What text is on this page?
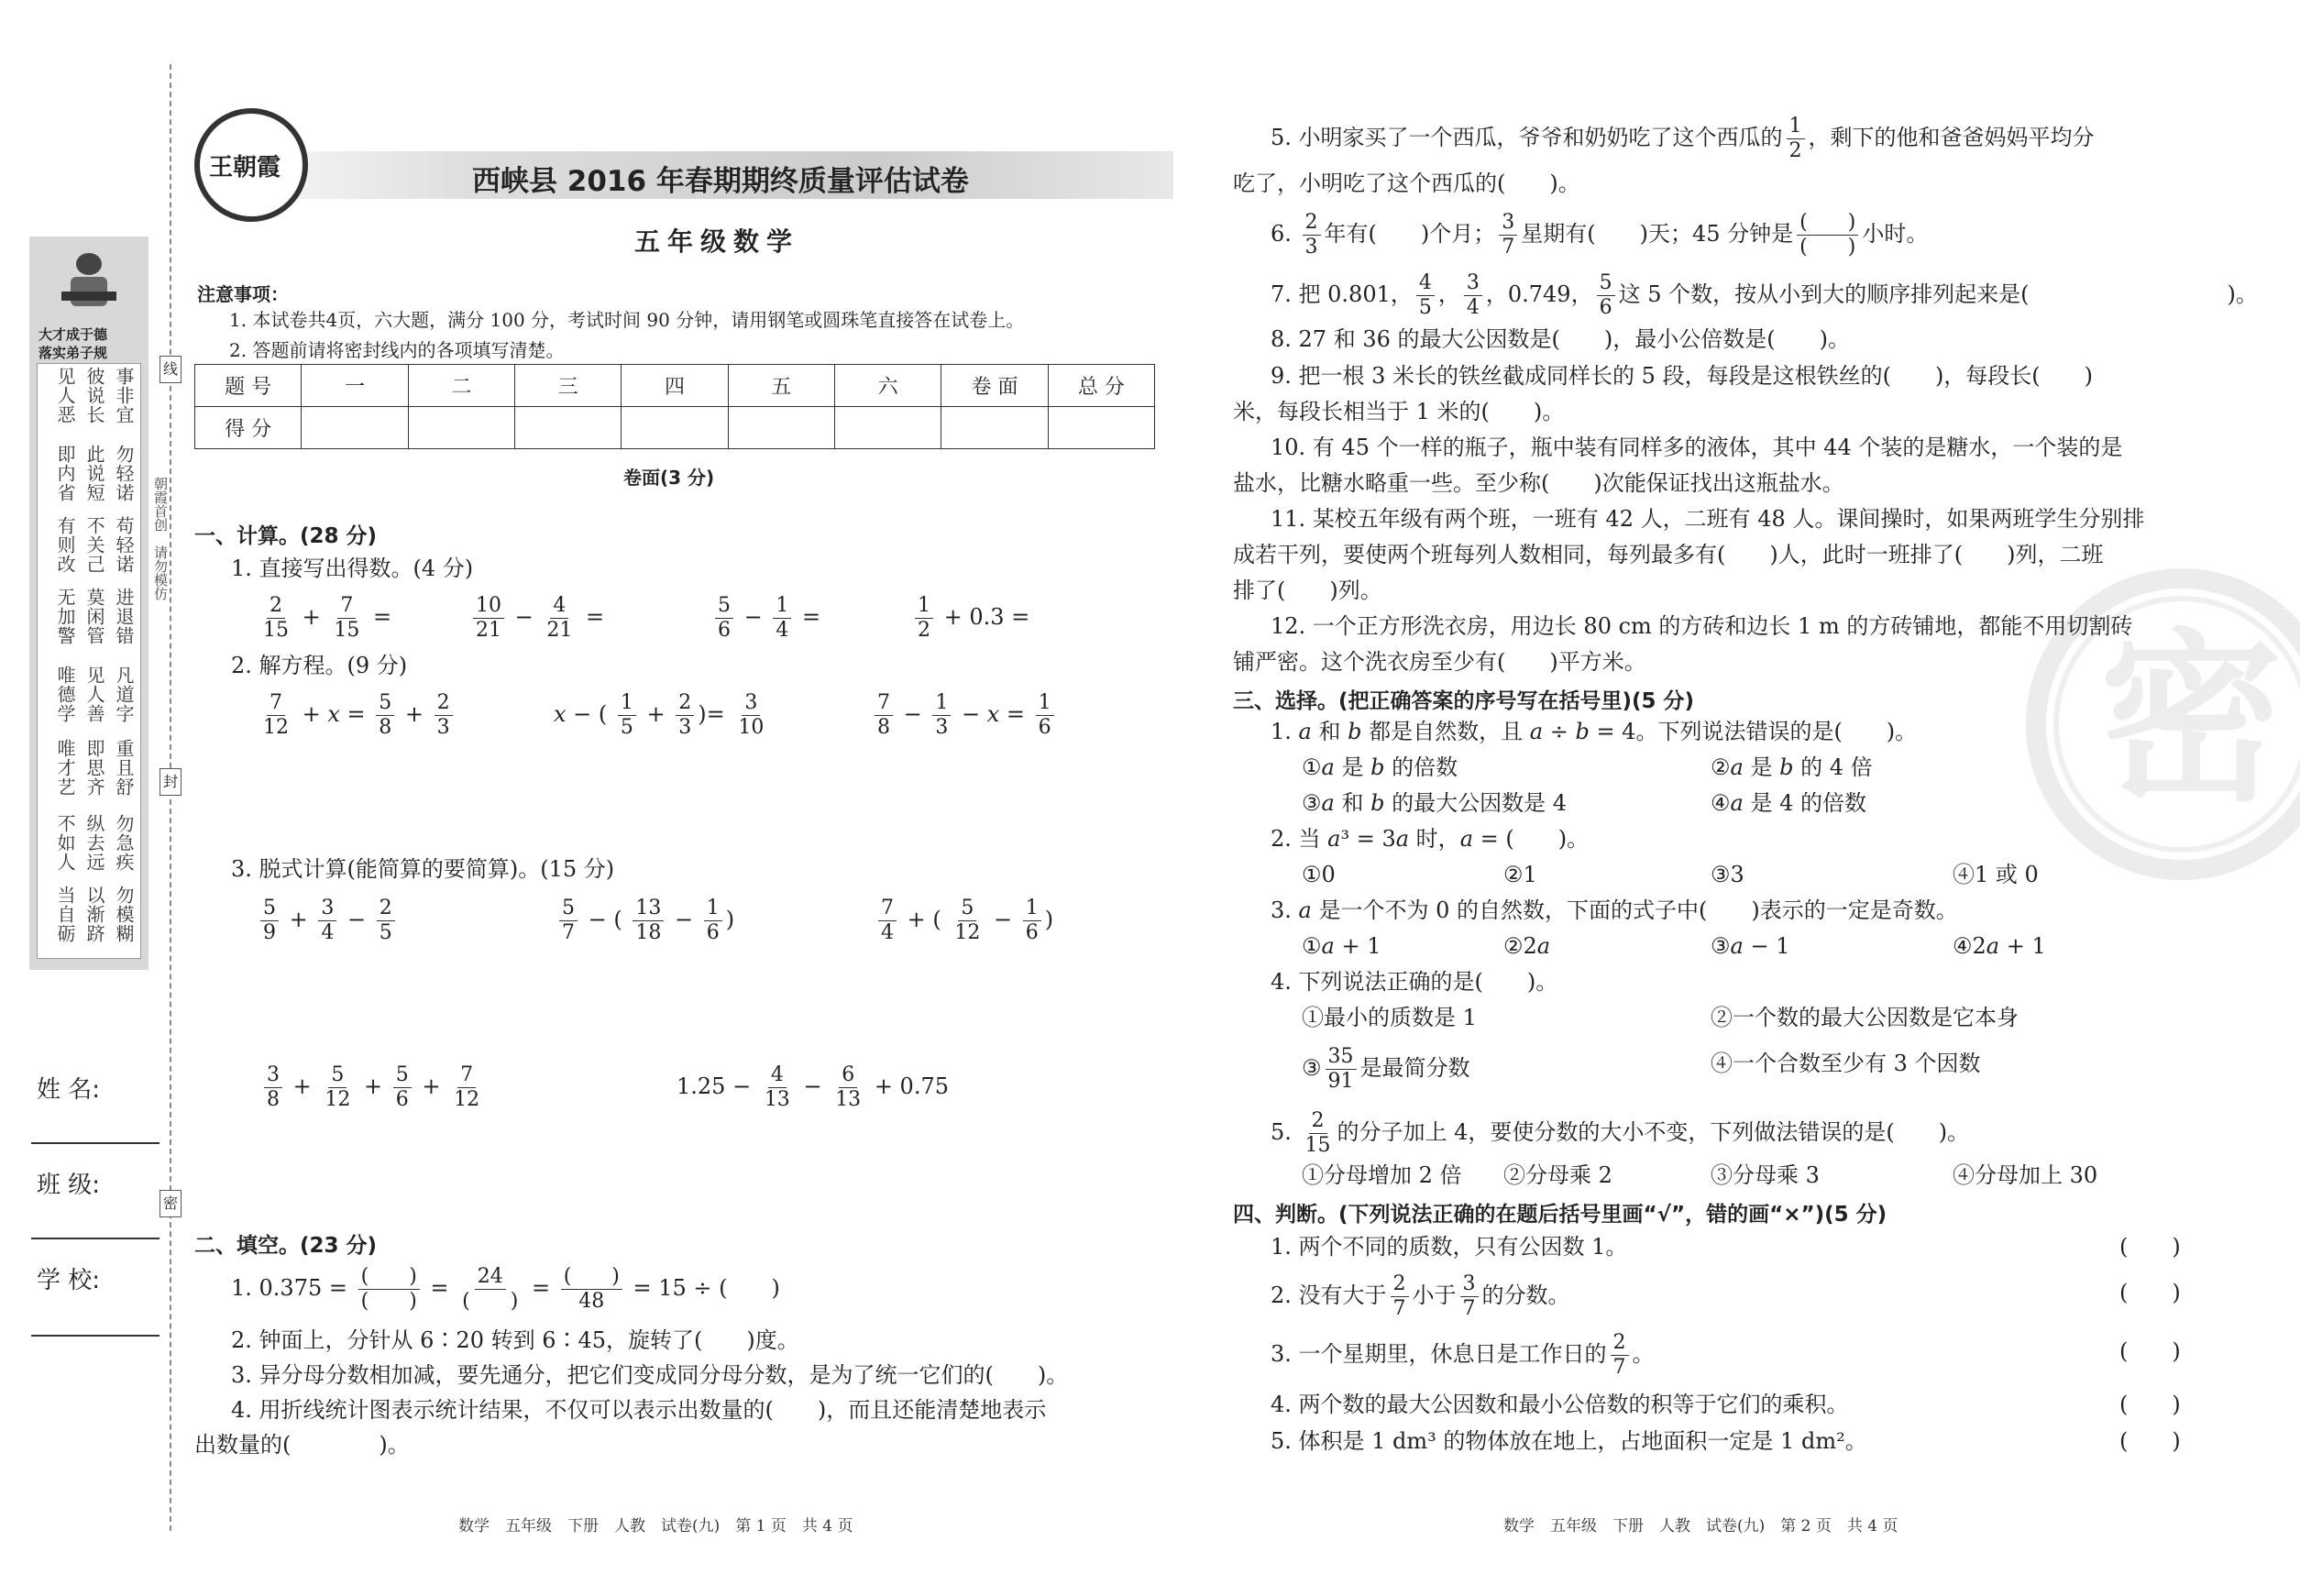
线
封
密
朝霞首创　请勿模仿
大才成于德
落实弟子规
见人恶 彼说长 事非宜
即内省 此说短 勿轻诺
有则改 不关己 苟轻诺
无加警 莫闲管 进退错
唯德学 见人善 凡道字
唯才艺 即思齐 重且舒
不如人 纵去远 勿急疾
当自砺 以渐跻 勿模糊
姓 名:
班 级:
学 校:
王朝霞	西峡县 2016 年春期期终质量评估试卷
五年级数学
注意事项：
1. 本试卷共4页，六大题，满分 100 分，考试时间 90 分钟，请用钢笔或圆珠笔直接答在试卷上。
2. 答题前请将密封线内的各项填写清楚。
题 号	一	二	三	四	五	六	卷 面	总 分
得 分								
卷面(3 分)
一、计算。(28 分)
1. 直接写出得数。(4 分)
$\frac{2}{15} + \frac{7}{15}$ =	$\frac{10}{21} - \frac{4}{21}$ =	$\frac{5}{6} - \frac{1}{4}$ =	$\frac{1}{2} + 0.3$ =
2. 解方程。(9 分)
$\frac{7}{12} + x = \frac{5}{8} + \frac{2}{3}$	x − ( $\frac{1}{5} + \frac{2}{3}$ )= $\frac{3}{10}$	$\frac{7}{8} - \frac{1}{3} - x = \frac{1}{6}$
3. 脱式计算(能简算的要简算)。(15 分)
$\frac{5}{9} + \frac{3}{4} - \frac{2}{5}$	$\frac{5}{7}$ − ( $\frac{13}{18} - \frac{1}{6}$ )	$\frac{7}{4}$ + ( $\frac{5}{12} - \frac{1}{6}$ )
$\frac{3}{8} + \frac{5}{12} + \frac{5}{6} + \frac{7}{12}$	$1.25 - \frac{4}{13} - \frac{6}{13} + 0.75$
二、填空。(23 分)
1. 0.375 = (　　)
(　　)
= 24
(　　)
= (　　)
48
= 15 ÷ (　　)
2. 钟面上，分针从 6∶20 转到 6∶45，旋转了(　　)度。
3. 异分母分数相加减，要先通分，把它们变成同分母分数，是为了统一它们的(　　)。
4. 用折线统计图表示统计结果，不仅可以表示出数量的(　　)，而且还能清楚地表示
出数量的(　　　　)。
数学　五年级　下册　人教　试卷(九)　第 1 页　共 4 页
密
5. 小明家买了一个西瓜，爷爷和奶奶吃了这个西瓜的 $\frac{1}{2}$ ，剩下的他和爸爸妈妈平均分
吃了，小明吃了这个西瓜的(　　)。
6. $\frac{2}{3}$ 年有(　　)个月； $\frac{3}{7}$ 星期有(　　)天；45 分钟是 (　　)
(　　)
小时。
7. 把 0.801， $\frac{4}{5}$ ， $\frac{3}{4}$ ，0.749， $\frac{5}{6}$ 这 5 个数，按从小到大的顺序排列起来是(　　　　　　　　　)。
8. 27 和 36 的最大公因数是(　　)，最小公倍数是(　　)。
9. 把一根 3 米长的铁丝截成同样长的 5 段，每段是这根铁丝的(　　)，每段长(　　)
米，每段长相当于 1 米的(　　)。
10. 有 45 个一样的瓶子，瓶中装有同样多的液体，其中 44 个装的是糖水，一个装的是
盐水，比糖水略重一些。至少称(　　)次能保证找出这瓶盐水。
11. 某校五年级有两个班，一班有 42 人，二班有 48 人。课间操时，如果两班学生分别排
成若干列，要使两个班每列人数相同，每列最多有(　　)人，此时一班排了(　　)列，二班
排了(　　)列。
12. 一个正方形洗衣房，用边长 80 cm 的方砖和边长 1 m 的方砖铺地，都能不用切割砖
铺严密。这个洗衣房至少有(　　)平方米。
三、选择。(把正确答案的序号写在括号里)(5 分)
1. a 和 b 都是自然数，且 a ÷ b = 4。下列说法错误的是(　　)。
①a 是 b 的倍数	②a 是 b 的 4 倍
③a 和 b 的最大公因数是 4	④a 是 4 的倍数
2. 当 a³ = 3a 时，a = (　　)。
①0	②1	③3	④1 或 0
3. a 是一个不为 0 的自然数，下面的式子中(　　)表示的一定是奇数。
①a + 1	②2a	③a − 1	④2a + 1
4. 下列说法正确的是(　　)。
①最小的质数是 1	②一个数的最大公因数是它本身
③ $\frac{35}{91}$ 是最简分数	④一个合数至少有 3 个因数
5. $\frac{2}{15}$ 的分子加上 4，要使分数的大小不变，下列做法错误的是(　　)。
①分母增加 2 倍 ②分母乘 2	③分母乘 3	④分母加上 30
四、判断。(下列说法正确的在题后括号里画“√”，错的画“×”)(5 分)
1. 两个不同的质数，只有公因数 1。	(　　)
2. 没有大于 $\frac{2}{7}$ 小于 $\frac{3}{7}$ 的分数。	(　　)
3. 一个星期里，休息日是工作日的 $\frac{2}{7}$ 。	(　　)
4. 两个数的最大公因数和最小公倍数的积等于它们的乘积。	(　　)
5. 体积是 1 dm³ 的物体放在地上，占地面积一定是 1 dm²。	(　　)
数学　五年级　下册　人教　试卷(九)　第 2 页　共 4 页
